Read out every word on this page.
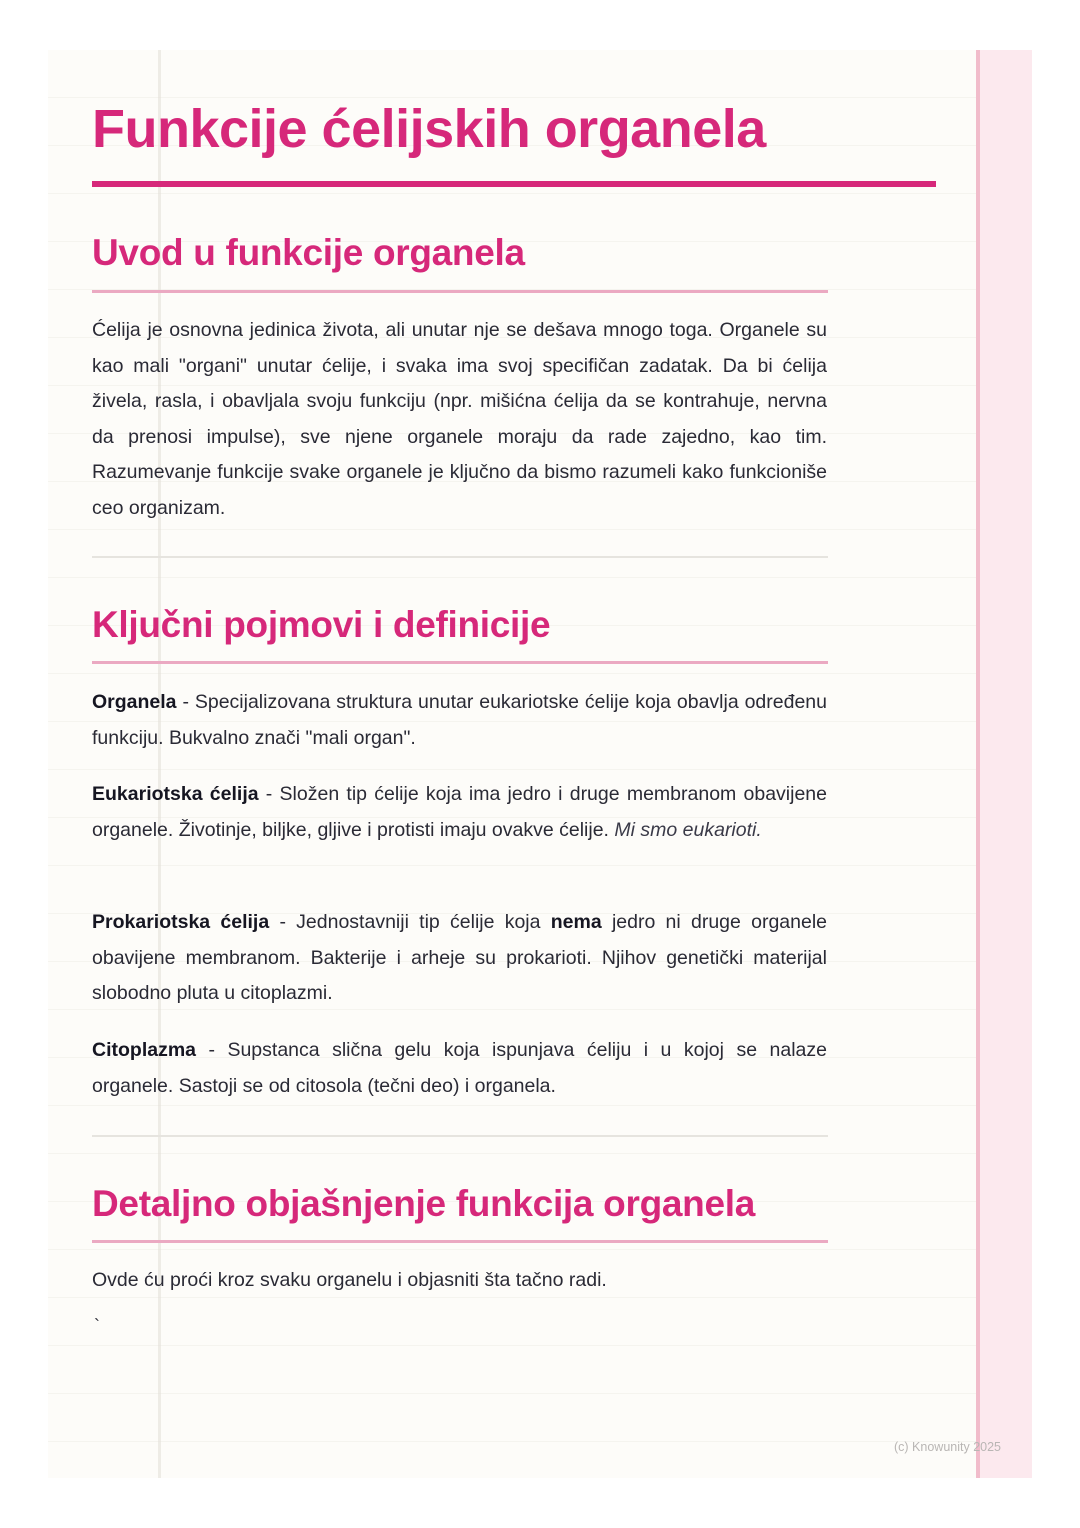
Funkcije ćelijskih organela
Uvod u funkcije organela

Ćelija je osnovna jedinica života, ali unutar nje se dešava mnogo toga. Organele su kao mali "organi" unutar ćelije, i svaka ima svoj specifičan zadatak. Da bi ćelija živela, rasla, i obavljala svoju funkciju (npr. mišićna ćelija da se kontrahuje, nervna da prenosi impulse), sve njene organele moraju da rade zajedno, kao tim. Razumevanje funkcije svake organele je ključno da bismo razumeli kako funkcioniše ceo organizam.

Ključni pojmovi i definicije

Organela - Specijalizovana struktura unutar eukariotske ćelije koja obavlja određenu funkciju. Bukvalno znači "mali organ".

Eukariotska ćelija - Složen tip ćelije koja ima jedro i druge membranom obavijene organele. Životinje, biljke, gljive i protisti imaju ovakve ćelije. Mi smo eukarioti.

Prokariotska ćelija - Jednostavniji tip ćelije koja nema jedro ni druge organele obavijene membranom. Bakterije i arheje su prokarioti. Njihov genetički materijal slobodno pluta u citoplazmi.

Citoplazma - Supstanca slična gelu koja ispunjava ćeliju i u kojoj se nalaze organele. Sastoji se od citosola (tečni deo) i organela.

Detaljno objašnjenje funkcija organela

Ovde ću proći kroz svaku organelu i objasniti šta tačno radi.

`
(c) Knowunity 2025
